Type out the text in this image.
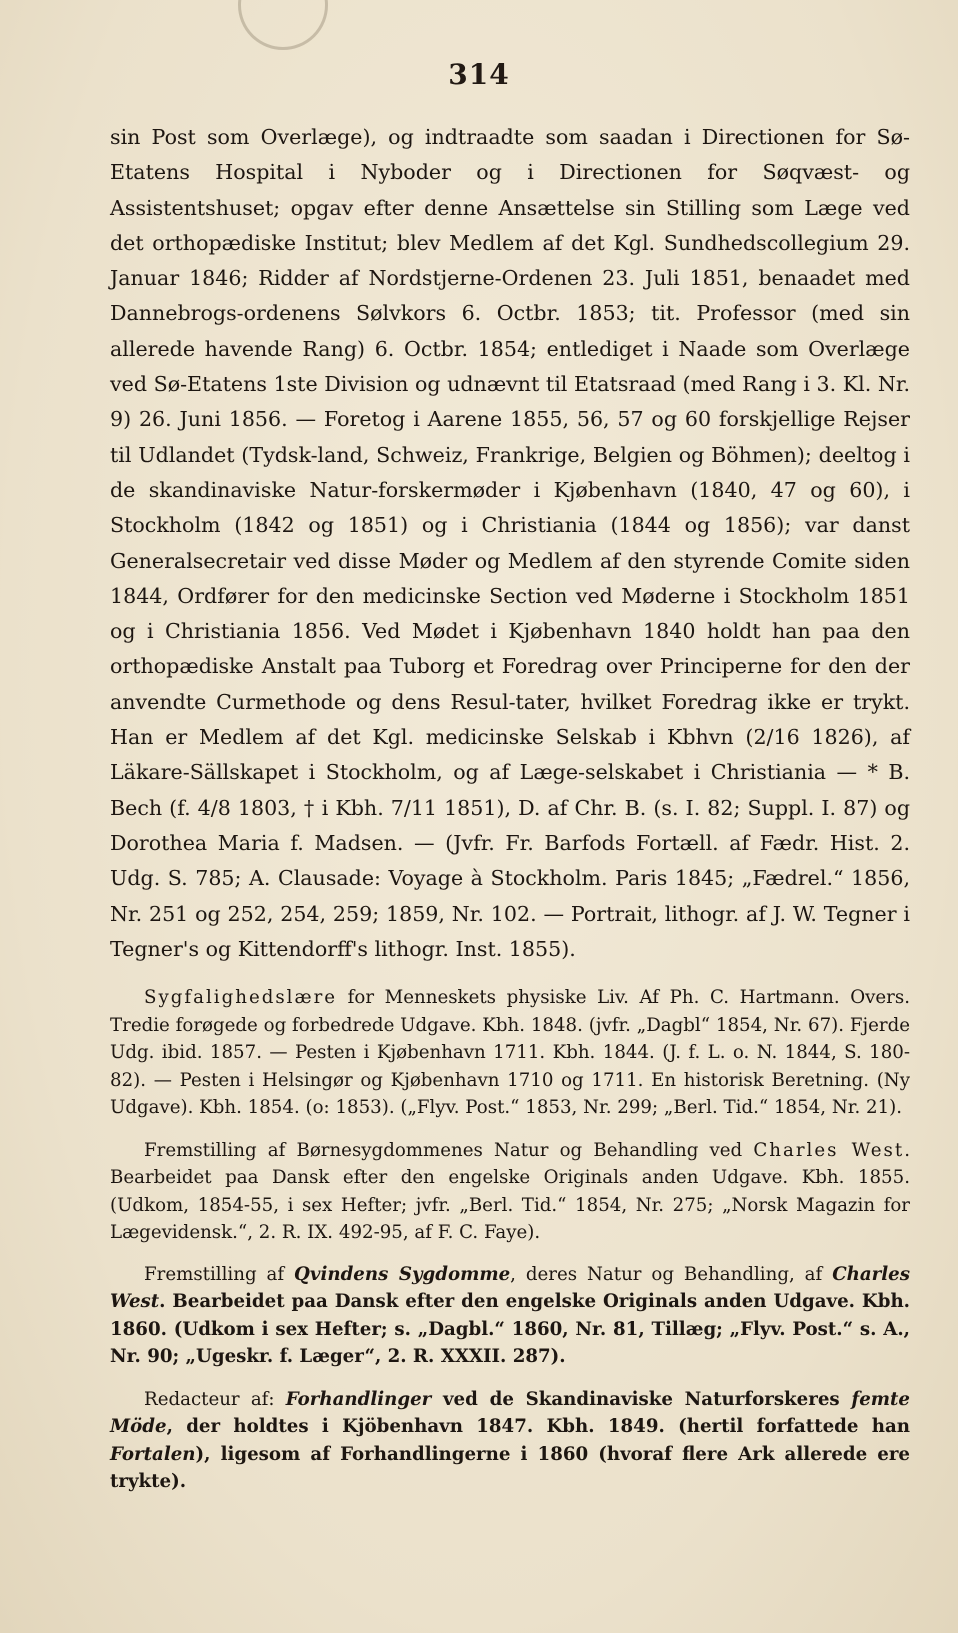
314

sin Post som Overlæge), og indtraadte som saadan i Directionen for Sø-Etatens Hospital i Nyboder og i Directionen for Søqvæst- og Assistentshuset; opgav efter denne Ansættelse sin Stilling som Læge ved det orthopædiske Institut; blev Medlem af det Kgl. Sundhedscollegium 29. Januar 1846; Ridder af Nordstjerne-Ordenen 23. Juli 1851, benaadet med Dannebrogs-ordenens Sølvkors 6. Octbr. 1853; tit. Professor (med sin allerede havende Rang) 6. Octbr. 1854; entlediget i Naade som Overlæge ved Sø-Etatens 1ste Division og udnævnt til Etatsraad (med Rang i 3. Kl. Nr. 9) 26. Juni 1856. — Foretog i Aarene 1855, 56, 57 og 60 forskjellige Rejser til Udlandet (Tydsk-land, Schweiz, Frankrige, Belgien og Böhmen); deeltog i de skandinaviske Natur-forskermøder i Kjøbenhavn (1840, 47 og 60), i Stockholm (1842 og 1851) og i Christiania (1844 og 1856); var danst Generalsecretair ved disse Møder og Medlem af den styrende Comite siden 1844, Ordfører for den medicinske Section ved Møderne i Stockholm 1851 og i Christiania 1856. Ved Mødet i Kjøbenhavn 1840 holdt han paa den orthopædiske Anstalt paa Tuborg et Foredrag over Principerne for den der anvendte Curmethode og dens Resul-tater, hvilket Foredrag ikke er trykt. Han er Medlem af det Kgl. medicinske Selskab i Kbhvn (2/16 1826), af Läkare-Sällskapet i Stockholm, og af Læge-selskabet i Christiania — * B. Bech (f. 4/8 1803, † i Kbh. 7/11 1851), D. af Chr. B. (s. I. 82; Suppl. I. 87) og Dorothea Maria f. Madsen. — (Jvfr. Fr. Barfods Fortæll. af Fædr. Hist. 2. Udg. S. 785; A. Clausade: Voyage à Stockholm. Paris 1845; „Fædrel.“ 1856, Nr. 251 og 252, 254, 259; 1859, Nr. 102. — Portrait, lithogr. af J. W. Tegner i Tegner's og Kittendorff's lithogr. Inst. 1855).

Sygfalighedslære for Menneskets physiske Liv. Af Ph. C. Hartmann. Overs. Tredie forøgede og forbedrede Udgave. Kbh. 1848. (jvfr. „Dagbl“ 1854, Nr. 67). Fjerde Udg. ibid. 1857. — Pesten i Kjøbenhavn 1711. Kbh. 1844. (J. f. L. o. N. 1844, S. 180-82). — Pesten i Helsingør og Kjøbenhavn 1710 og 1711. En historisk Beretning. (Ny Udgave). Kbh. 1854. (o: 1853). („Flyv. Post.“ 1853, Nr. 299; „Berl. Tid.“ 1854, Nr. 21).

Fremstilling af Børnesygdommenes Natur og Behandling ved Charles West. Bearbeidet paa Dansk efter den engelske Originals anden Udgave. Kbh. 1855. (Udkom, 1854-55, i sex Hefter; jvfr. „Berl. Tid.“ 1854, Nr. 275; „Norsk Magazin for Lægevidensk.“, 2. R. IX. 492-95, af F. C. Faye).

Fremstilling af Qvindens Sygdomme, deres Natur og Behandling, af Charles West. Bearbeidet paa Dansk efter den engelske Originals anden Udgave. Kbh. 1860. (Udkom i sex Hefter; s. „Dagbl.“ 1860, Nr. 81, Tillæg; „Flyv. Post.“ s. A., Nr. 90; „Ugeskr. f. Læger“, 2. R. XXXII. 287).

Redacteur af: Forhandlinger ved de Skandinaviske Naturforskeres femte Möde, der holdtes i Kjöbenhavn 1847. Kbh. 1849. (hertil forfattede han Fortalen), ligesom af Forhandlingerne i 1860 (hvoraf flere Ark allerede ere trykte).
